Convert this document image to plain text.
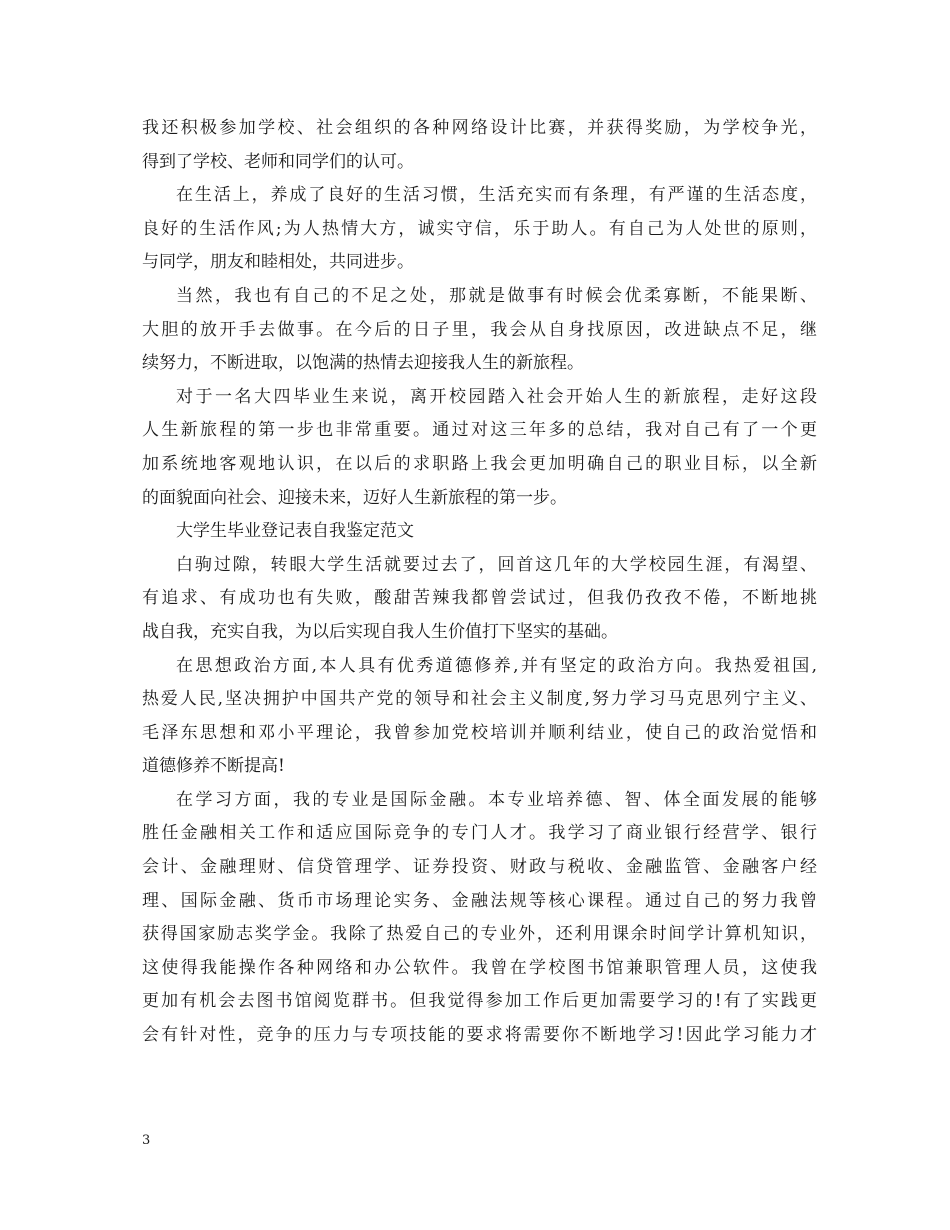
我还积极参加学校、社会组织的各种网络设计比赛，并获得奖励，为学校争光，
得到了学校、老师和同学们的认可。
在生活上，养成了良好的生活习惯，生活充实而有条理，有严谨的生活态度，
良好的生活作风;为人热情大方，诚实守信，乐于助人。有自己为人处世的原则，
与同学，朋友和睦相处，共同进步。
当然，我也有自己的不足之处，那就是做事有时候会优柔寡断，不能果断、
大胆的放开手去做事。在今后的日子里，我会从自身找原因，改进缺点不足，继
续努力，不断进取，以饱满的热情去迎接我人生的新旅程。
对于一名大四毕业生来说，离开校园踏入社会开始人生的新旅程，走好这段
人生新旅程的第一步也非常重要。通过对这三年多的总结，我对自己有了一个更
加系统地客观地认识，在以后的求职路上我会更加明确自己的职业目标，以全新
的面貌面向社会、迎接未来，迈好人生新旅程的第一步。
大学生毕业登记表自我鉴定范文
白驹过隙，转眼大学生活就要过去了，回首这几年的大学校园生涯，有渴望、
有追求、有成功也有失败，酸甜苦辣我都曾尝试过，但我仍孜孜不倦，不断地挑
战自我，充实自我，为以后实现自我人生价值打下坚实的基础。
在思想政治方面,本人具有优秀道德修养,并有坚定的政治方向。我热爱祖国,
热爱人民,坚决拥护中国共产党的领导和社会主义制度,努力学习马克思列宁主义、
毛泽东思想和邓小平理论，我曾参加党校培训并顺利结业，使自己的政治觉悟和
道德修养不断提高!
在学习方面，我的专业是国际金融。本专业培养德、智、体全面发展的能够
胜任金融相关工作和适应国际竞争的专门人才。我学习了商业银行经营学、银行
会计、金融理财、信贷管理学、证券投资、财政与税收、金融监管、金融客户经
理、国际金融、货币市场理论实务、金融法规等核心课程。通过自己的努力我曾
获得国家励志奖学金。我除了热爱自己的专业外，还利用课余时间学计算机知识，
这使得我能操作各种网络和办公软件。我曾在学校图书馆兼职管理人员，这使我
更加有机会去图书馆阅览群书。但我觉得参加工作后更加需要学习的!有了实践更
会有针对性，竞争的压力与专项技能的要求将需要你不断地学习!因此学习能力才
3
